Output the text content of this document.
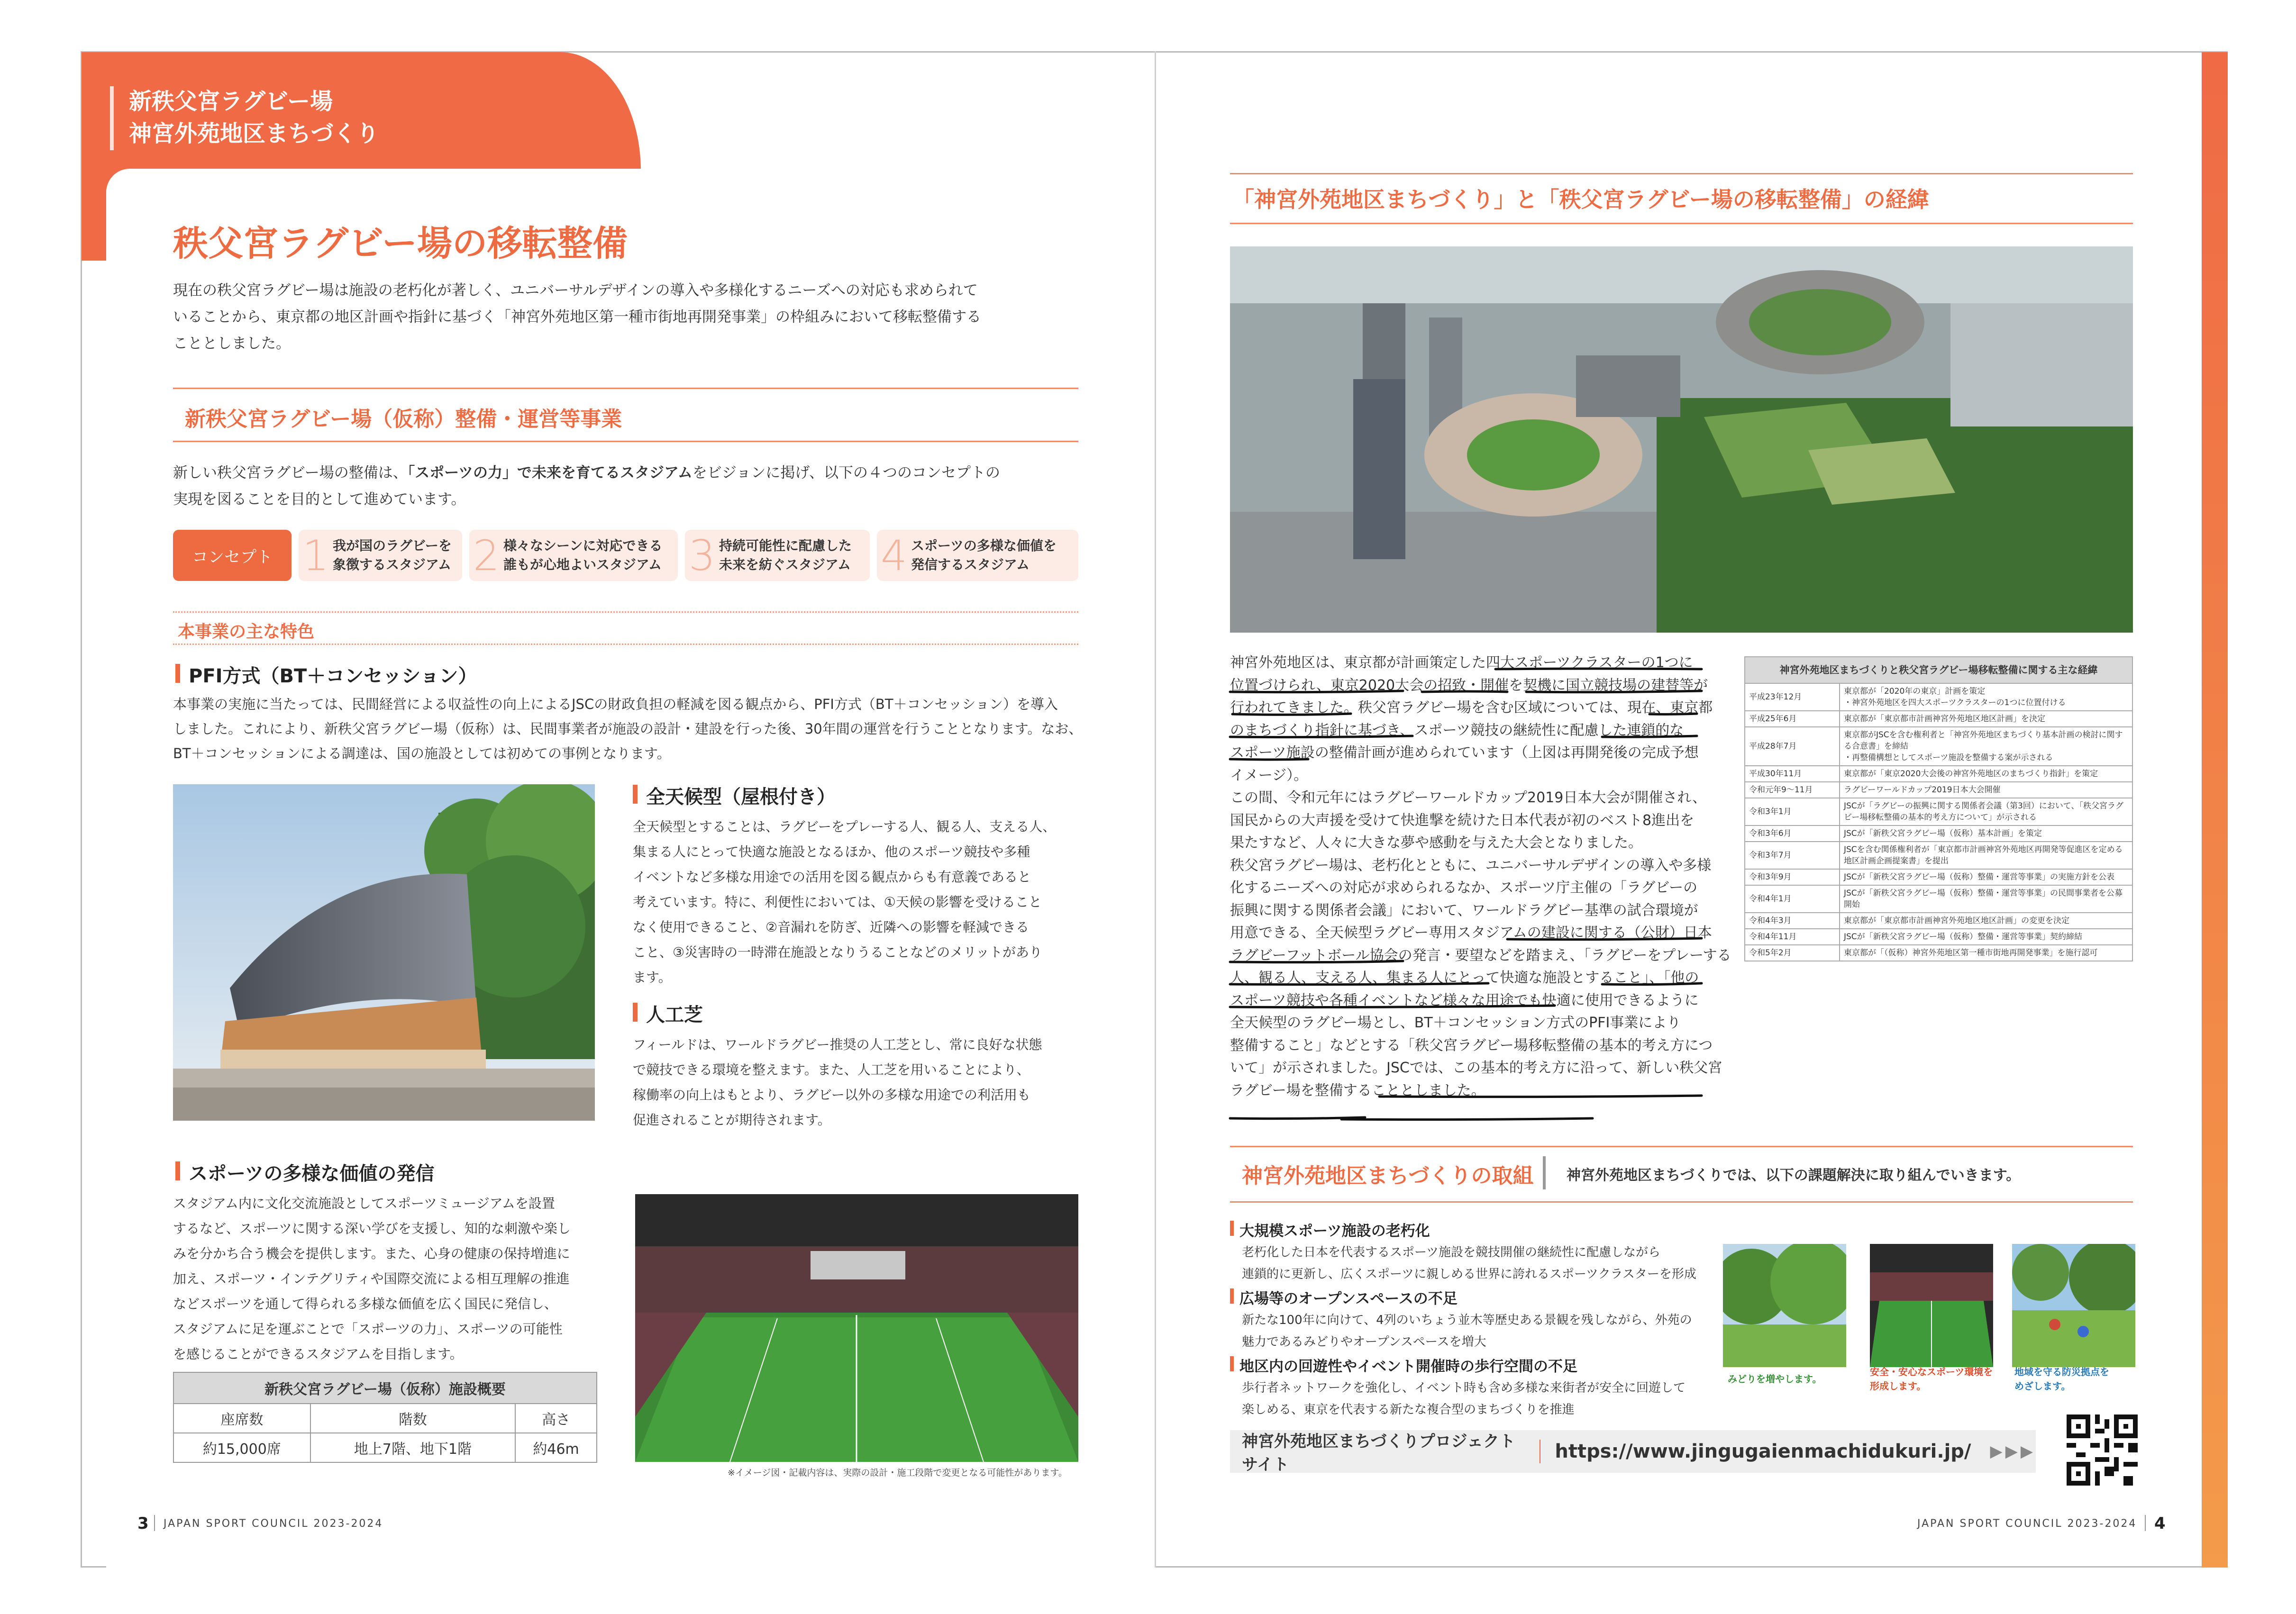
新秩父宮ラグビー場
神宮外苑地区まちづくり
秩父宮ラグビー場の移転整備
現在の秩父宮ラグビー場は施設の老朽化が著しく、ユニバーサルデザインの導入や多様化するニーズへの対応も求められて
いることから、東京都の地区計画や指針に基づく「神宮外苑地区第一種市街地再開発事業」の枠組みにおいて移転整備する
こととしました。
新秩父宮ラグビー場（仮称）整備・運営等事業
新しい秩父宮ラグビー場の整備は、「スポーツの力」で未来を育てるスタジアムをビジョンに掲げ、以下の４つのコンセプトの
実現を図ることを目的として進めています。
コンセプト 1 我が国のラグビーを
象徴するスタジアム 2 様々なシーンに対応できる
誰もが心地よいスタジアム 3 持続可能性に配慮した
未来を紡ぐスタジアム 4 スポーツの多様な価値を
発信するスタジアム
本事業の主な特色
PFI方式（BT＋コンセッション）
本事業の実施に当たっては、民間経営による収益性の向上によるJSCの財政負担の軽減を図る観点から、PFI方式（BT＋コンセッション）を導入
しました。これにより、新秩父宮ラグビー場（仮称）は、民間事業者が施設の設計・建設を行った後、30年間の運営を行うこととなります。なお、
BT＋コンセッションによる調達は、国の施設としては初めての事例となります。
全天候型（屋根付き）
全天候型とすることは、ラグビーをプレーする人、観る人、支える人、
集まる人にとって快適な施設となるほか、他のスポーツ競技や多種
イベントなど多様な用途での活用を図る観点からも有意義であると
考えています。特に、利便性においては、①天候の影響を受けること
なく使用できること、②音漏れを防ぎ、近隣への影響を軽減できる
こと、③災害時の一時滞在施設となりうることなどのメリットがあり
ます。
人工芝
フィールドは、ワールドラグビー推奨の人工芝とし、常に良好な状態
で競技できる環境を整えます。また、人工芝を用いることにより、
稼働率の向上はもとより、ラグビー以外の多様な用途での利活用も
促進されることが期待されます。
スポーツの多様な価値の発信
スタジアム内に文化交流施設としてスポーツミュージアムを設置
するなど、スポーツに関する深い学びを支援し、知的な刺激や楽し
みを分かち合う機会を提供します。また、心身の健康の保持増進に
加え、スポーツ・インテグリティや国際交流による相互理解の推進
などスポーツを通して得られる多様な価値を広く国民に発信し、
スタジアムに足を運ぶことで「スポーツの力」、スポーツの可能性
を感じることができるスタジアムを目指します。
新秩父宮ラグビー場（仮称）施設概要		
座席数	階数	高さ
約15,000席	地上7階、地下1階	約46m
※イメージ図・記載内容は、実際の設計・施工段階で変更となる可能性があります。
3 JAPAN SPORT COUNCIL 2023-2024
「神宮外苑地区まちづくり」と「秩父宮ラグビー場の移転整備」の経緯
神宮外苑地区は、東京都が計画策定した四大スポーツクラスターの1つに
位置づけられ、東京2020大会の招致・開催を契機に国立競技場の建替等が
行われてきました。秩父宮ラグビー場を含む区域については、現在、東京都
のまちづくり指針に基づき、スポーツ競技の継続性に配慮した連鎖的な
スポーツ施設の整備計画が進められています（上図は再開発後の完成予想
イメージ）。
この間、令和元年にはラグビーワールドカップ2019日本大会が開催され、
国民からの大声援を受けて快進撃を続けた日本代表が初のベスト8進出を
果たすなど、人々に大きな夢や感動を与えた大会となりました。
秩父宮ラグビー場は、老朽化とともに、ユニバーサルデザインの導入や多様
化するニーズへの対応が求められるなか、スポーツ庁主催の「ラグビーの
振興に関する関係者会議」において、ワールドラグビー基準の試合環境が
用意できる、全天候型ラグビー専用スタジアムの建設に関する（公財）日本
ラグビーフットボール協会の発言・要望などを踏まえ、「ラグビーをプレーする
人、観る人、支える人、集まる人にとって快適な施設とすること」、「他の
スポーツ競技や各種イベントなど様々な用途でも快適に使用できるように
全天候型のラグビー場とし、BT＋コンセッション方式のPFI事業により
整備すること」などとする「秩父宮ラグビー場移転整備の基本的考え方につ
いて」が示されました。JSCでは、この基本的考え方に沿って、新しい秩父宮
ラグビー場を整備することとしました。
神宮外苑地区まちづくりと秩父宮ラグビー場移転整備に関する主な経緯	
平成23年12月	東京都が「2020年の東京」計画を策定
・神宮外苑地区を四大スポーツクラスターの1つに位置付ける
平成25年6月	東京都が「東京都市計画神宮外苑地区地区計画」を決定
平成28年7月	東京都がJSCを含む権利者と「神宮外苑地区まちづくり基本計画の検討に関する合意書」を締結
・再整備構想としてスポーツ施設を整備する案が示される
平成30年11月	東京都が「東京2020大会後の神宮外苑地区のまちづくり指針」を策定
令和元年9～11月	ラグビーワールドカップ2019日本大会開催
令和3年1月	JSCが「ラグビーの振興に関する関係者会議（第3回）において、「秩父宮ラグビー場移転整備の基本的考え方について」が示される
令和3年6月	JSCが「新秩父宮ラグビー場（仮称）基本計画」を策定
令和3年7月	JSCを含む関係権利者が「東京都市計画神宮外苑地区再開発等促進区を定める地区計画企画提案書」を提出
令和3年9月	JSCが「新秩父宮ラグビー場（仮称）整備・運営等事業」の実施方針を公表
令和4年1月	JSCが「新秩父宮ラグビー場（仮称）整備・運営等事業」の民間事業者を公募開始
令和4年3月	東京都が「東京都市計画神宮外苑地区地区計画」の変更を決定
令和4年11月	JSCが「新秩父宮ラグビー場（仮称）整備・運営等事業」契約締結
令和5年2月	東京都が「（仮称）神宮外苑地区第一種市街地再開発事業」を施行認可
神宮外苑地区まちづくりの取組 神宮外苑地区まちづくりでは、以下の課題解決に取り組んでいきます。
大規模スポーツ施設の老朽化
老朽化した日本を代表するスポーツ施設を競技開催の継続性に配慮しながら
連鎖的に更新し、広くスポーツに親しめる世界に誇れるスポーツクラスターを形成
広場等のオープンスペースの不足
新たな100年に向けて、4列のいちょう並木等歴史ある景観を残しながら、外苑の
魅力であるみどりやオープンスペースを増大
地区内の回遊性やイベント開催時の歩行空間の不足
歩行者ネットワークを強化し、イベント時も含め多様な来街者が安全に回遊して
楽しめる、東京を代表する新たな複合型のまちづくりを推進
みどりを増やします。
安全・安心なスポーツ環境を
形成します。
地域を守る防災拠点を
めざします。
神宮外苑地区まちづくりプロジェクトサイト
https://www.jingugaienmachidukuri.jp/ ▶▶▶
JAPAN SPORT COUNCIL 2023-2024 4
